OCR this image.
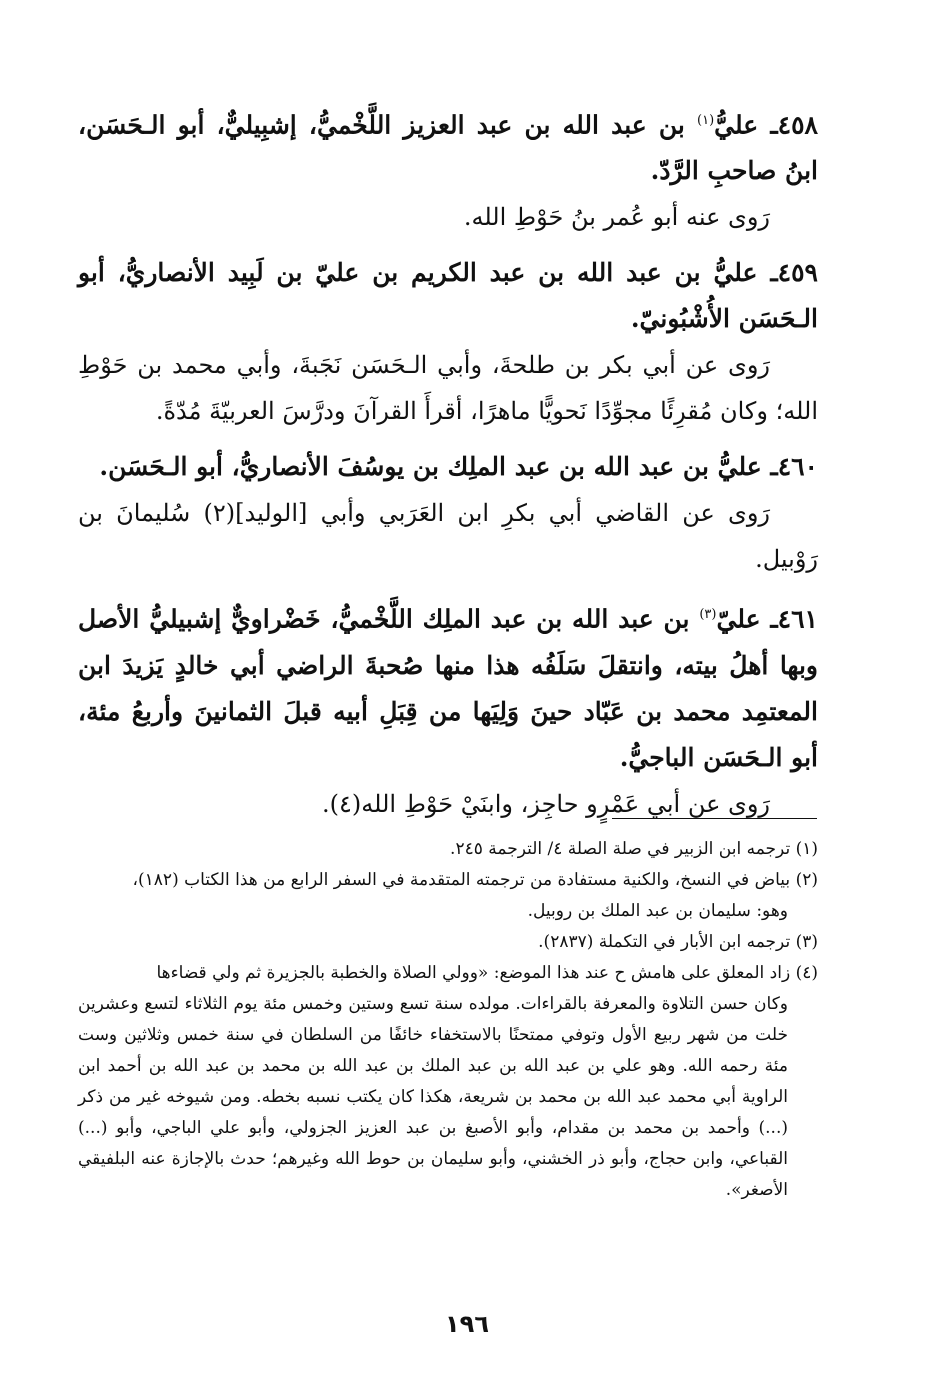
٤٥٨ـ عليُّ$^{(١)}$ بن عبد الله بن عبد العزيز اللَّخْميُّ، إشبِيليٌّ، أبو الـحَسَن، ابنُ صاحبِ الرَّدّ.

رَوى عنه أبو عُمر بنُ حَوْطِ الله.

٤٥٩ـ عليُّ بن عبد الله بن عبد الكريم بن عليّ بن لَبِيد الأنصاريُّ، أبو الـحَسَن الأُشْبُونيّ.

رَوى عن أبي بكر بن طلحةَ، وأبي الـحَسَن نَجَبةَ، وأبي محمد بن حَوْطِ الله؛ وكان مُقرِئًا مجوِّدًا نَحويًّا ماهرًا، أقرأَ القرآنَ ودرَّسَ العربيّةَ مُدّةً.

٤٦٠ـ عليُّ بن عبد الله بن عبد الملِك بن يوسُفَ الأنصاريُّ، أبو الـحَسَن.

رَوى عن القاضي أبي بكرِ ابن العَرَبي وأبي [الوليد](٢) سُليمانَ بن رَوْبيل.

٤٦١ـ عليّ$^{(٣)}$ بن عبد الله بن عبد الملِك اللَّخْميُّ، خَضْراويٌّ إشبيليُّ الأصل وبها أهلُ بيته، وانتقلَ سَلَفُه هذا منها صُحبةَ الراضي أبي خالدٍ يَزيدَ ابن المعتمِد محمد بن عَبّاد حينَ وَلِيَها من قِبَلِ أبيه قبلَ الثمانينَ وأربعُ مئة، أبو الـحَسَن الباجيُّ.

رَوى عن أبي عَمْرٍو حاجِز، وابنَيْ حَوْطِ الله(٤).

(١) ترجمه ابن الزبير في صلة الصلة ٤/ الترجمة ٢٤٥.

(٢) بياض في النسخ، والكنية مستفادة من ترجمته المتقدمة في السفر الرابع من هذا الكتاب (١٨٢)،
وهو: سليمان بن عبد الملك بن روبيل.

(٣) ترجمه ابن الأبار في التكملة (٢٨٣٧).

(٤) زاد المعلق على هامش ح عند هذا الموضع: «وولي الصلاة والخطبة بالجزيرة ثم ولي قضاءها
وكان حسن التلاوة والمعرفة بالقراءات. مولده سنة تسع وستين وخمس مئة يوم الثلاثاء لتسع وعشرين خلت من شهر ربيع الأول وتوفي ممتحنًا بالاستخفاء خائفًا من السلطان في سنة خمس وثلاثين وست مئة رحمه الله. وهو علي بن عبد الله بن عبد الملك بن عبد الله بن محمد بن عبد الله بن أحمد ابن الراوية أبي محمد عبد الله بن محمد بن شريعة، هكذا كان يكتب نسبه بخطه. ومن شيوخه غير من ذكر (...) وأحمد بن محمد بن مقدام، وأبو الأصبغ بن عبد العزيز الجزولي، وأبو علي الباجي، وأبو (...) القباعي، وابن حجاج، وأبو ذر الخشني، وأبو سليمان بن حوط الله وغيرهم؛ حدث بالإجازة عنه البلفيقي الأصغر».

١٩٦
